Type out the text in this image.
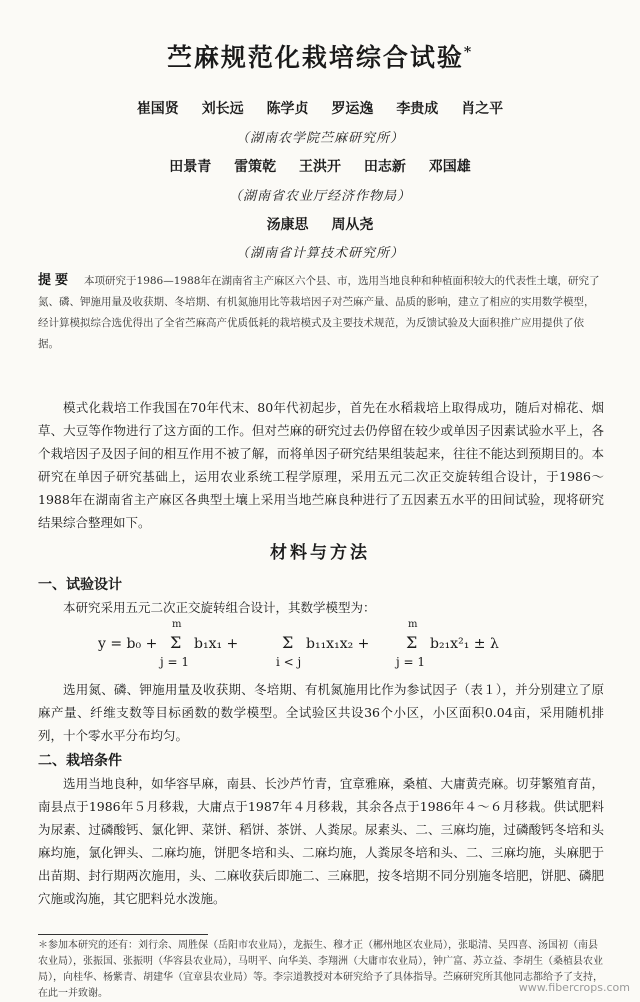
苎麻规范化栽培综合试验*
崔国贤 刘长远 陈学贞 罗运逸 李贵成 肖之平
（湖南农学院苎麻研究所）
田景青 雷策乾 王洪开 田志新 邓国雄
（湖南省农业厅经济作物局）
汤康思 周从尧
（湖南省计算技术研究所）
提要 本项研究于1986—1988年在湖南省主产麻区六个县、市，选用当地良种和种植面积较大的代表性土壤，研究了氮、磷、钾施用量及收获期、冬培期、有机氮施用比等栽培因子对苎麻产量、品质的影响，建立了相应的实用数学模型，经计算模拟综合选优得出了全省苎麻高产优质低耗的栽培模式及主要技术规范，为反馈试验及大面积推广应用提供了依据。
模式化栽培工作我国在70年代末、80年代初起步，首先在水稻栽培上取得成功，随后对棉花、烟草、大豆等作物进行了这方面的工作。但对苎麻的研究过去仍停留在较少或单因子因素试验水平上，各个栽培因子及因子间的相互作用不被了解，而将单因子研究结果组装起来，往往不能达到预期目的。本研究在单因子研究基础上，运用农业系统工程学原理，采用五元二次正交旋转组合设计，于1986～1988年在湖南省主产麻区各典型土壤上采用当地苎麻良种进行了五因素五水平的田间试验，现将研究结果综合整理如下。
材料与方法
一、试验设计
本研究采用五元二次正交旋转组合设计，其数学模型为：
y = b₀ +
m
Σ
j = 1
b₁x₁ +	Σ
i < j
b₁₁x₁x₂ +
m
Σ
j = 1
b₂₁x²₁ ± λ
选用氮、磷、钾施用量及收获期、冬培期、有机氮施用比作为参试因子（表１），并分别建立了原麻产量、纤维支数等目标函数的数学模型。全试验区共设36个小区，小区面积0.04亩，采用随机排列，十个零水平分布均匀。
二、栽培条件
选用当地良种，如华容早麻，南县、长沙芦竹青，宜章雅麻，桑植、大庸黄壳麻。切芽繁殖育苗，南县点于1986年５月移栽，大庸点于1987年４月移栽，其余各点于1986年４～６月移栽。供试肥料为尿素、过磷酸钙、氯化钾、菜饼、稻饼、茶饼、人粪尿。尿素头、二、三麻均施，过磷酸钙冬培和头麻均施，氯化钾头、二麻均施，饼肥冬培和头、二麻均施，人粪尿冬培和头、二、三麻均施，头麻肥于出苗期、封行期两次施用，头、二麻收获后即施二、三麻肥，按冬培期不同分别施冬培肥，饼肥、磷肥穴施或沟施，其它肥料兑水泼施。
＊参加本研究的还有：刘行余、周胜保（岳阳市农业局），龙振生、穆才正（郴州地区农业局），张聪清、吴四喜、汤国初（南县农业局），张振国、张振明（华容县农业局），马明平、向华美、李翔洲（大庸市农业局），钟广富、苏立益、李胡生（桑植县农业局），向桂华、杨紫青、胡建华（宜章县农业局）等。李宗道教授对本研究给予了具体指导。苎麻研究所其他同志都给予了支持，在此一并致谢。	www.fibercrops.com
